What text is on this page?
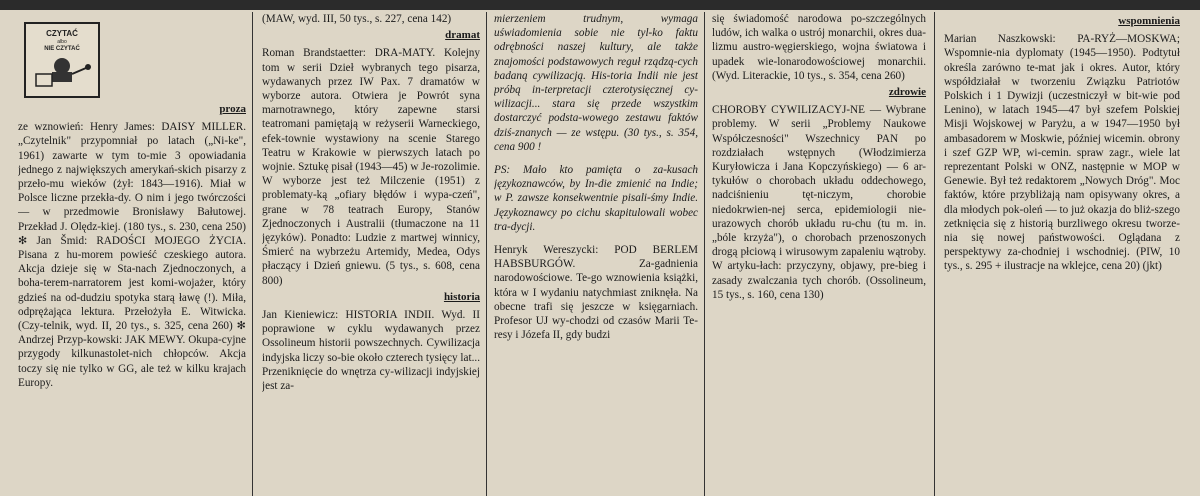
CZYTAĆ
albo
NIE CZYTAĆ
proza
ze wznowień: Henry James: DAISY MILLER. „Czytelnik" przypomniał po latach („Ni-ke", 1961) zawarte w tym to-mie 3 opowiadania jednego z największych amerykań-skich pisarzy z przeło-mu wieków (żył: 1843—1916). Miał w Polsce liczne przekła-dy. O nim i jego twórczości — w przedmowie Bronisławy Bałutowej. Przekład J. Olędz-kiej. (180 tys., s. 230, cena 250) ✻ Jan Šmid: RADOŚCI MOJEGO ŻYCIA. Pisana z hu-morem powieść czeskiego autora. Akcja dzieje się w Sta-nach Zjednoczonych, a boha-terem-narratorem jest komi-wojażer, który gdzieś na od-dudziu spotyka starą ławę (!). Miła, odprężająca lektura. Przełożyła E. Witwicka. (Czy-telnik, wyd. II, 20 tys., s. 325, cena 260) ✻ Andrzej Przyp-kowski: JAK MEWY. Okupa-cyjne przygody kilkunastolet-nich chłopców. Akcja toczy się nie tylko w GG, ale też w kilku krajach Europy.
(MAW, wyd. III, 50 tys., s. 227, cena 142)
dramat
Roman Brandstaetter: DRA-MATY. Kolejny tom w serii Dzieł wybranych tego pisarza, wydawanych przez IW Pax. 7 dramatów w wyborze autora. Otwiera je Powrót syna marnotrawnego, który zapewne starsi teatromani pamiętają w reżyserii Warneckiego, efek-townie wystawiony na scenie Starego Teatru w Krakowie w pierwszych latach po wojnie. Sztukę pisał (1943—45) w Je-rozolimie. W wyborze jest też Milczenie (1951) z problematy-ką „ofiary błędów i wypa-czeń", grane w 78 teatrach Europy, Stanów Zjednoczonych i Australii (tłumaczone na 11 języków). Ponadto: Ludzie z martwej winnicy, Śmierć na wybrzeżu Artemidy, Medea, Odys płaczący i Dzień gniewu. (5 tys., s. 608, cena 800)
historia
Jan Kieniewicz: HISTORIA INDII. Wyd. II poprawione w cyklu wydawanych przez Ossolineum historii powszechnych. Cywilizacja indyjska liczy so-bie około czterech tysięcy lat... Przeniknięcie do wnętrza cy-wilizacji indyjskiej jest za-
mierzeniem trudnym, wymaga uświadomienia sobie nie tyl-ko faktu odrębności naszej kultury, ale także znajomości podstawowych reguł rządzą-cych badaną cywilizacją. His-toria Indii nie jest próbą in-terpretacji czterotysięcznej cy-wilizacji... stara się przede wszystkim dostarczyć podsta-wowego zestawu faktów dziś-znanych — ze wstępu. (30 tys., s. 354, cena 900 !
PS: Mało kto pamięta o za-kusach językoznawców, by In-die zmienić na Indie; w P. zawsze konsekwentnie pisali-śmy Indie. Językoznawcy po cichu skapitulowali wobec tra-dycji.
Henryk Wereszycki: POD BERLEM HABSBURGÓW. Za-gadnienia narodowościowe. Te-go wznowienia książki, która w I wydaniu natychmiast zniknęła. Na obecne trafi się jeszcze w księgarniach. Profesor UJ wy-chodzi od czasów Marii Te-resy i Józefa II, gdy budzi
się świadomość narodowa po-szczególnych ludów, ich walka o ustrój monarchii, okres dua-lizmu austro-węgierskiego, wojna światowa i upadek wie-lonarodowościowej monarchii. (Wyd. Literackie, 10 tys., s. 354, cena 260)
zdrowie
CHOROBY CYWILIZACYJ-NE — Wybrane problemy. W serii „Problemy Naukowe Współczesności" Wszechnicy PAN po rozdziałach wstępnych (Włodzimierza Kuryłowicza i Jana Kopczyńskiego) — 6 ar-tykułów o chorobach układu oddechowego, nadciśnieniu tęt-niczym, chorobie niedokrwien-nej serca, epidemiologii nie-urazowych chorób układu ru-chu (tu m. in. „bóle krzyża"), o chorobach przenoszonych drogą płciową i wirusowym zapaleniu wątroby. W artyku-łach: przyczyny, objawy, pre-bieg i zasady zwalczania tych chorób. (Ossolineum, 15 tys., s. 160, cena 130)
wspomnienia
Marian Naszkowski: PA-RYŻ—MOSKWA; Wspomnie-nia dyplomaty (1945—1950). Podtytuł określa zarówno te-mat jak i okres. Autor, który współdziałał w tworzeniu Związku Patriotów Polskich i 1 Dywizji (uczestniczył w bit-wie pod Lenino), w latach 1945—47 był szefem Polskiej Misji Wojskowej w Paryżu, a w 1947—1950 był ambasadorem w Moskwie, później wicemin. obrony i szef GZP WP, wi-cemin. spraw zagr., wiele lat reprezentant Polski w ONZ, następnie w MOP w Genewie. Był też redaktorem „Nowych Dróg". Moc faktów, które przybliżają nam opisywany okres, a dla młodych pok-oleń — to już okazja do bliż-szego zetknięcia się z historią burzliwego okresu tworze-nia się nowej państwowości. Oglądana z perspektywy za-chodniej i wschodniej. (PIW, 10 tys., s. 295 + ilustracje na wklejce, cena 20) (jkt)
